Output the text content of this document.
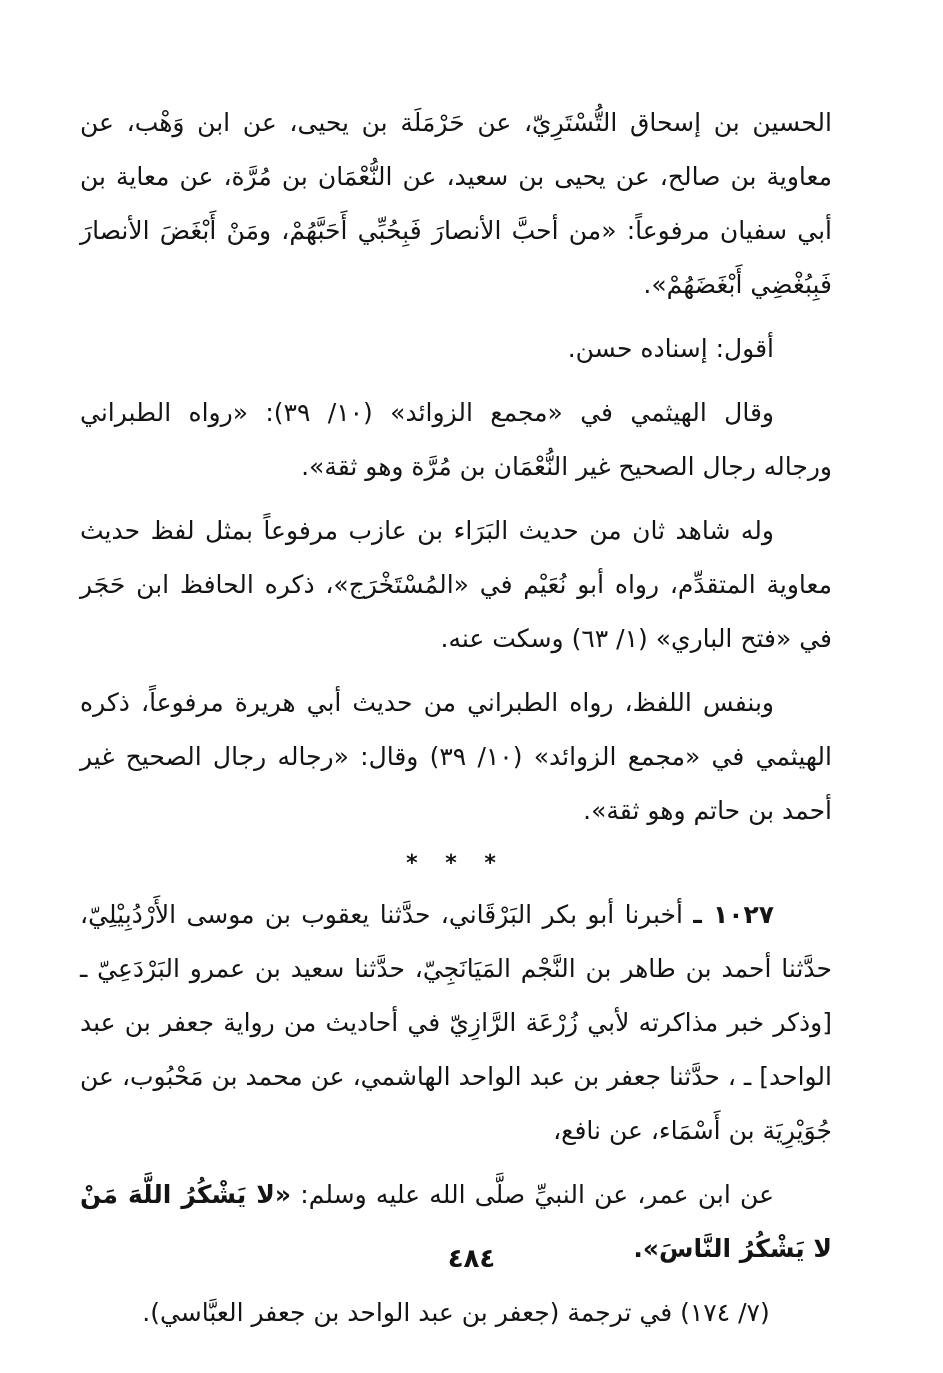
الحسين بن إسحاق التُّسْتَرِيّ، عن حَرْمَلَة بن يحيى، عن ابن وَهْب، عن معاوية بن صالح، عن يحيى بن سعيد، عن النُّعْمَان بن مُرَّة، عن معاية بن أبي سفيان مرفوعاً: «من أحبَّ الأنصارَ فَبِحُبِّي أَحَبَّهُمْ، ومَنْ أَبْغَضَ الأنصارَ فَبِبُغْضِي أَبْغَضَهُمْ».

أقول: إسناده حسن.

وقال الهيثمي في «مجمع الزوائد» (١٠/ ٣٩): «رواه الطبراني ورجاله رجال الصحيح غير النُّعْمَان بن مُرَّة وهو ثقة».

وله شاهد ثان من حديث البَرَاء بن عازب مرفوعاً بمثل لفظ حديث معاوية المتقدِّم، رواه أبو نُعَيْم في «المُسْتَخْرَج»، ذكره الحافظ ابن حَجَر في «فتح الباري» (١/ ٦٣) وسكت عنه.

وبنفس اللفظ، رواه الطبراني من حديث أبي هريرة مرفوعاً، ذكره الهيثمي في «مجمع الزوائد» (١٠/ ٣٩) وقال: «رجاله رجال الصحيح غير أحمد بن حاتم وهو ثقة».

* * *

١٠٢٧ ـ أخبرنا أبو بكر البَرْقَاني، حدَّثنا يعقوب بن موسى الأَرْدُبِيْلِيّ، حدَّثنا أحمد بن طاهر بن النَّجْم المَيَانَجِيّ، حدَّثنا سعيد بن عمرو البَرْدَعِيّ ـ [وذكر خبر مذاكرته لأبي زُرْعَة الرَّازِيّ في أحاديث من رواية جعفر بن عبد الواحد] ـ ، حدَّثنا جعفر بن عبد الواحد الهاشمي، عن محمد بن مَحْبُوب، عن جُوَيْرِيَة بن أَسْمَاء، عن نافع،

عن ابن عمر، عن النبيِّ صلَّى الله عليه وسلم: «لا يَشْكُرُ اللَّهَ مَنْ لا يَشْكُرُ النَّاسَ».

(٧/ ١٧٤) في ترجمة (جعفر بن عبد الواحد بن جعفر العبَّاسي).

٤٨٤
